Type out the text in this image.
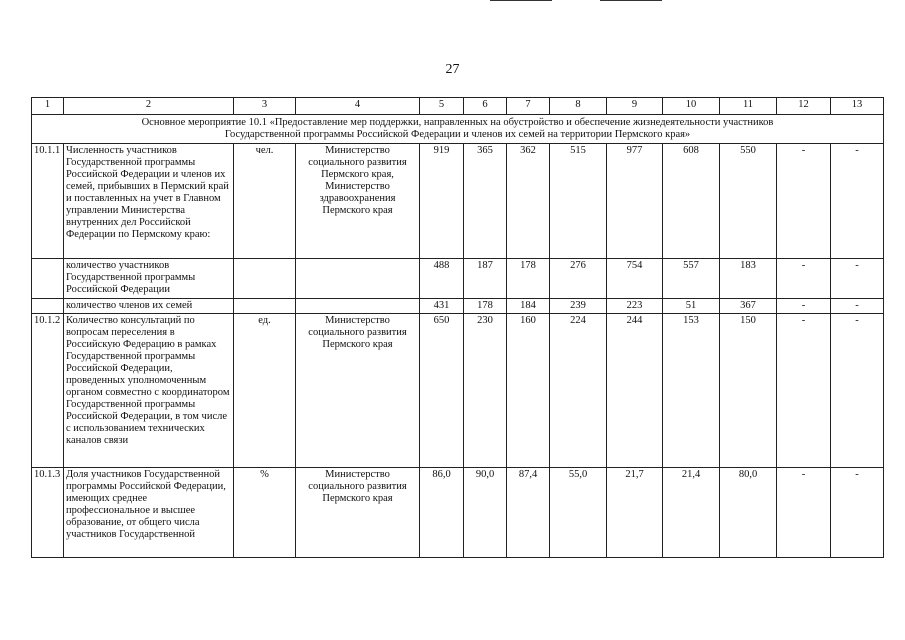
27
1	2	3	4	5	6	7	8	9	10	11	12	13
Основное мероприятие 10.1 «Предоставление мер поддержки, направленных на обустройство и обеспечение жизнедеятельности участников Государственной программы Российской Федерации и членов их семей на территории Пермского края»												
10.1.1	Численность участников Государственной программы Российской Федерации и членов их семей, прибывших в Пермский край и поставленных на учет в Главном управлении Министерства внутренних дел Российской Федерации по Пермскому краю:	чел.	Министерство социального развития Пермского края, Министерство здравоохранения Пермского края	919	365	362	515	977	608	550	-	-
	количество участников Государственной программы Российской Федерации			488	187	178	276	754	557	183	-	-
	количество членов их семей			431	178	184	239	223	51	367	-	-
10.1.2	Количество консультаций по вопросам переселения в Российскую Федерацию в рамках Государственной программы Российской Федерации, проведенных уполномоченным органом совместно с координатором Государственной программы Российской Федерации, в том числе с использованием технических каналов связи	ед.	Министерство социального развития Пермского края	650	230	160	224	244	153	150	-	-
10.1.3	Доля участников Государственной программы Российской Федерации, имеющих среднее профессиональное и высшее образование, от общего числа участников Государственной	%	Министерство социального развития Пермского края	86,0	90,0	87,4	55,0	21,7	21,4	80,0	-	-
